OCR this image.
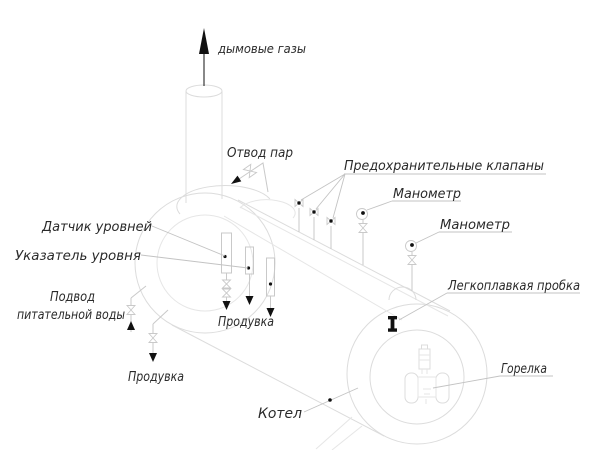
дымовые газы
Отвод пар
Предохранительные клапаны
Манометр
Манометр
Датчик уровней
Указатель уровня
Подвод
питательной воды	Продувка
Продувка
Легкоплавкая пробка
Горелка
Котел
